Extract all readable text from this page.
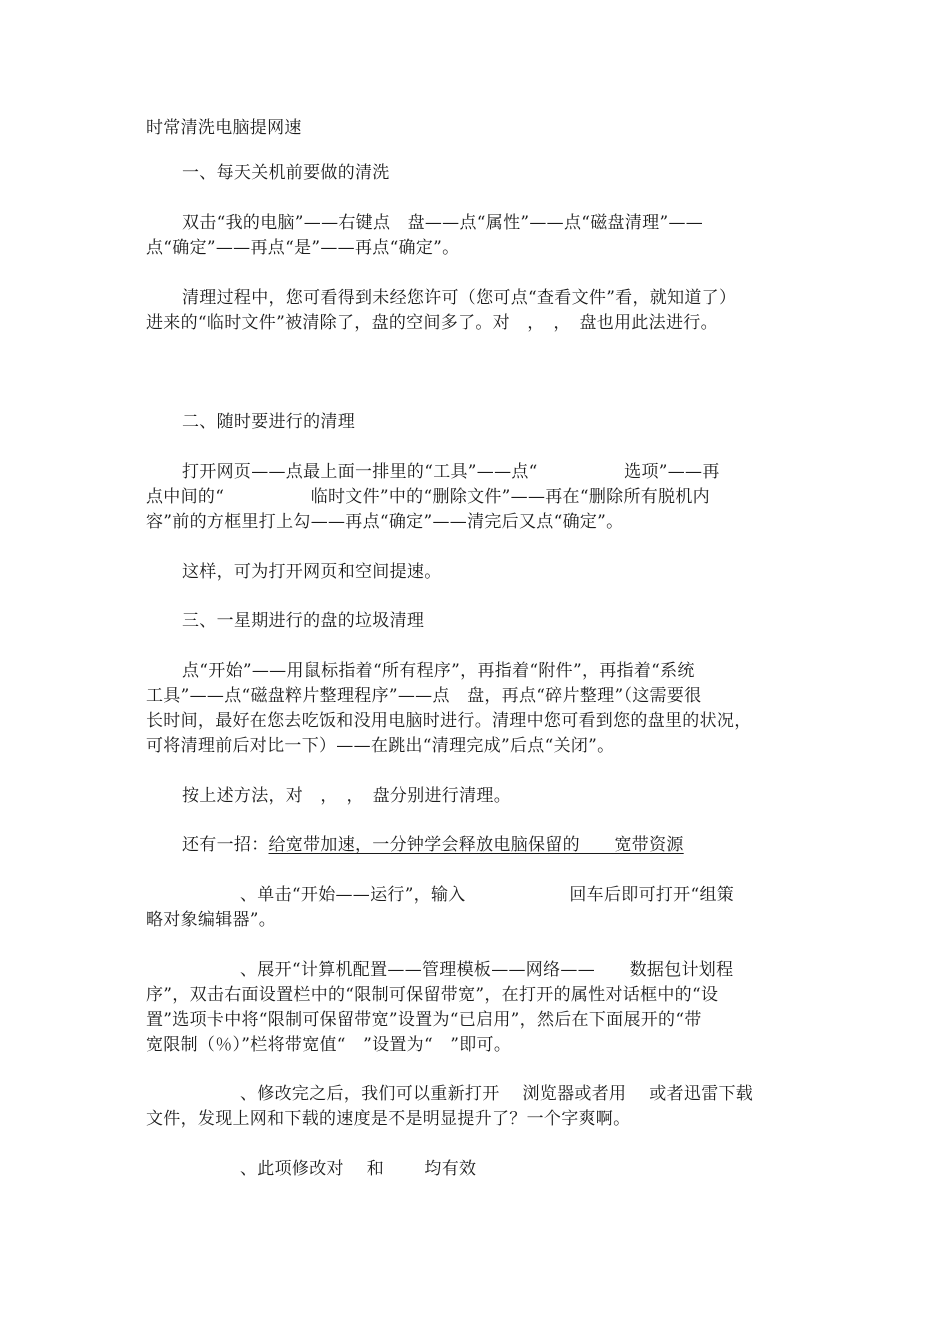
时常清洗电脑提网速
一、每天关机前要做的清洗
双击“我的电脑”——右键点　盘——点“属性”——点“磁盘清理”——
点“确定”——再点“是”——再点“确定”。
清理过程中，您可看得到未经您许可（您可点“查看文件”看，就知道了）
进来的“临时文件”被清除了，盘的空间多了。对　，　，　盘也用此法进行。
二、随时要进行的清理
打开网页——点最上面一排里的“工具”——点“　　　　　选项”——再
点中间的“　　　　　临时文件”中的“删除文件”——再在“删除所有脱机内
容”前的方框里打上勾——再点“确定”——清完后又点“确定”。
这样，可为打开网页和空间提速。
三、一星期进行的盘的垃圾清理
点“开始”——用鼠标指着“所有程序”，再指着“附件”，再指着“系统
工具”——点“磁盘粹片整理程序”——点　盘，再点“碎片整理”（这需要很
长时间，最好在您去吃饭和没用电脑时进行。清理中您可看到您的盘里的状况，
可将清理前后对比一下）——在跳出“清理完成”后点“关闭”。
按上述方法，对　，　，　盘分别进行清理。
还有一招：给宽带加速，一分钟学会释放电脑保留的　　宽带资源
、单击“开始——运行”，输入　　　　　　回车后即可打开“组策
略对象编辑器”。
、展开“计算机配置——管理模板——网络——　　数据包计划程
序”，双击右面设置栏中的“限制可保留带宽”，在打开的属性对话框中的“设
置”选项卡中将“限制可保留带宽”设置为“已启用”，然后在下面展开的“带
宽限制（％）”栏将带宽值“　”设置为“　”即可。
、修改完之后，我们可以重新打开　 浏览器或者用　 或者迅雷下载
文件，发现上网和下载的速度是不是明显提升了？一个字爽啊。
、此项修改对　 和　　 均有效
